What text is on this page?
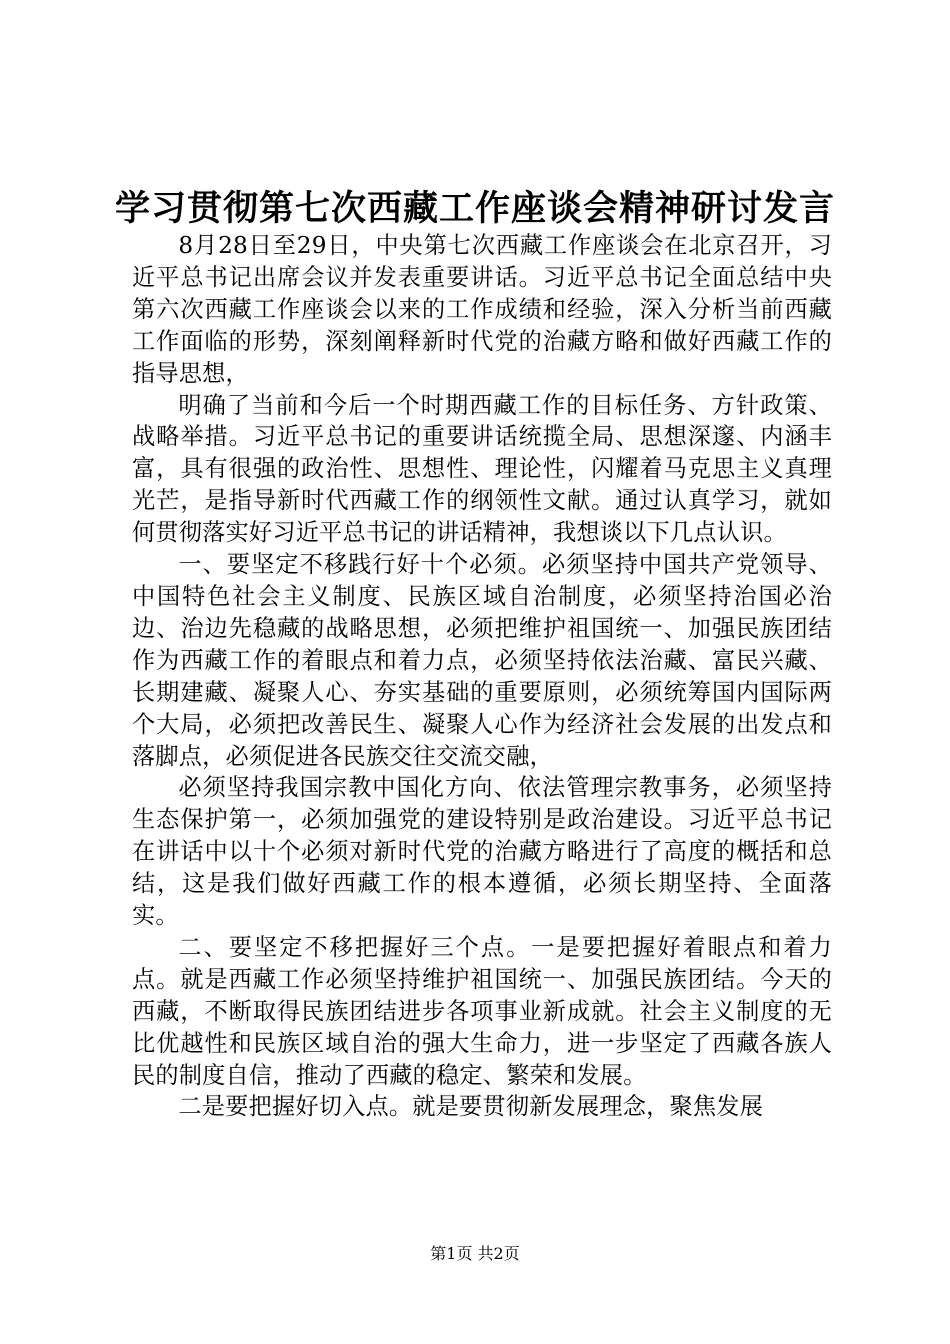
学习贯彻第七次西藏工作座谈会精神研讨发言

8月28日至29日，中央第七次西藏工作座谈会在北京召开，习近平总书记出席会议并发表重要讲话。习近平总书记全面总结中央第六次西藏工作座谈会以来的工作成绩和经验，深入分析当前西藏工作面临的形势，深刻阐释新时代党的治藏方略和做好西藏工作的指导思想，

明确了当前和今后一个时期西藏工作的目标任务、方针政策、战略举措。习近平总书记的重要讲话统揽全局、思想深邃、内涵丰富，具有很强的政治性、思想性、理论性，闪耀着马克思主义真理光芒，是指导新时代西藏工作的纲领性文献。通过认真学习，就如何贯彻落实好习近平总书记的讲话精神，我想谈以下几点认识。

一、要坚定不移践行好十个必须。必须坚持中国共产党领导、中国特色社会主义制度、民族区域自治制度，必须坚持治国必治边、治边先稳藏的战略思想，必须把维护祖国统一、加强民族团结作为西藏工作的着眼点和着力点，必须坚持依法治藏、富民兴藏、长期建藏、凝聚人心、夯实基础的重要原则，必须统筹国内国际两个大局，必须把改善民生、凝聚人心作为经济社会发展的出发点和落脚点，必须促进各民族交往交流交融，

必须坚持我国宗教中国化方向、依法管理宗教事务，必须坚持生态保护第一，必须加强党的建设特别是政治建设。习近平总书记在讲话中以十个必须对新时代党的治藏方略进行了高度的概括和总结，这是我们做好西藏工作的根本遵循，必须长期坚持、全面落实。

二、要坚定不移把握好三个点。一是要把握好着眼点和着力点。就是西藏工作必须坚持维护祖国统一、加强民族团结。今天的西藏，不断取得民族团结进步各项事业新成就。社会主义制度的无比优越性和民族区域自治的强大生命力，进一步坚定了西藏各族人民的制度自信，推动了西藏的稳定、繁荣和发展。

二是要把握好切入点。就是要贯彻新发展理念，聚焦发展

第1页 共2页
